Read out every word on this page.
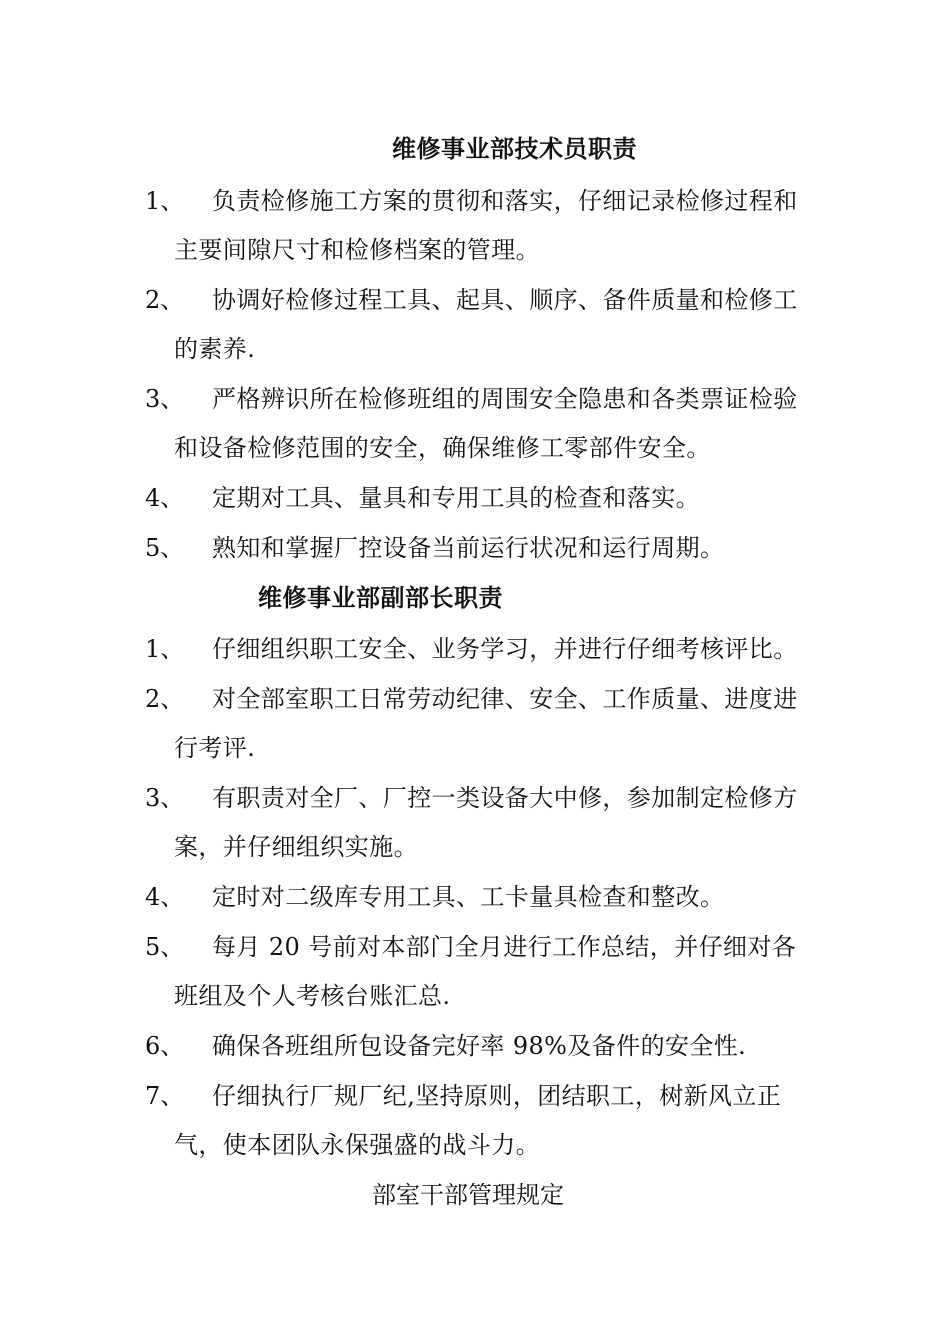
维修事业部技术员职责
1、	负责检修施工方案的贯彻和落实，仔细记录检修过程和主要间隙尺寸和检修档案的管理。
2、	协调好检修过程工具、起具、顺序、备件质量和检修工的素养.
3、	严格辨识所在检修班组的周围安全隐患和各类票证检验和设备检修范围的安全，确保维修工零部件安全。
4、	定期对工具、量具和专用工具的检查和落实。
5、	熟知和掌握厂控设备当前运行状况和运行周期。
维修事业部副部长职责
1、	仔细组织职工安全、业务学习，并进行仔细考核评比。
2、	对全部室职工日常劳动纪律、安全、工作质量、进度进行考评.
3、	有职责对全厂、厂控一类设备大中修，参加制定检修方案，并仔细组织实施。
4、	定时对二级库专用工具、工卡量具检查和整改。
5、	每月 20 号前对本部门全月进行工作总结，并仔细对各班组及个人考核台账汇总.
6、	确保各班组所包设备完好率 98%及备件的安全性.
7、	仔细执行厂规厂纪,坚持原则，团结职工，树新风立正气，使本团队永保强盛的战斗力。
部室干部管理规定
